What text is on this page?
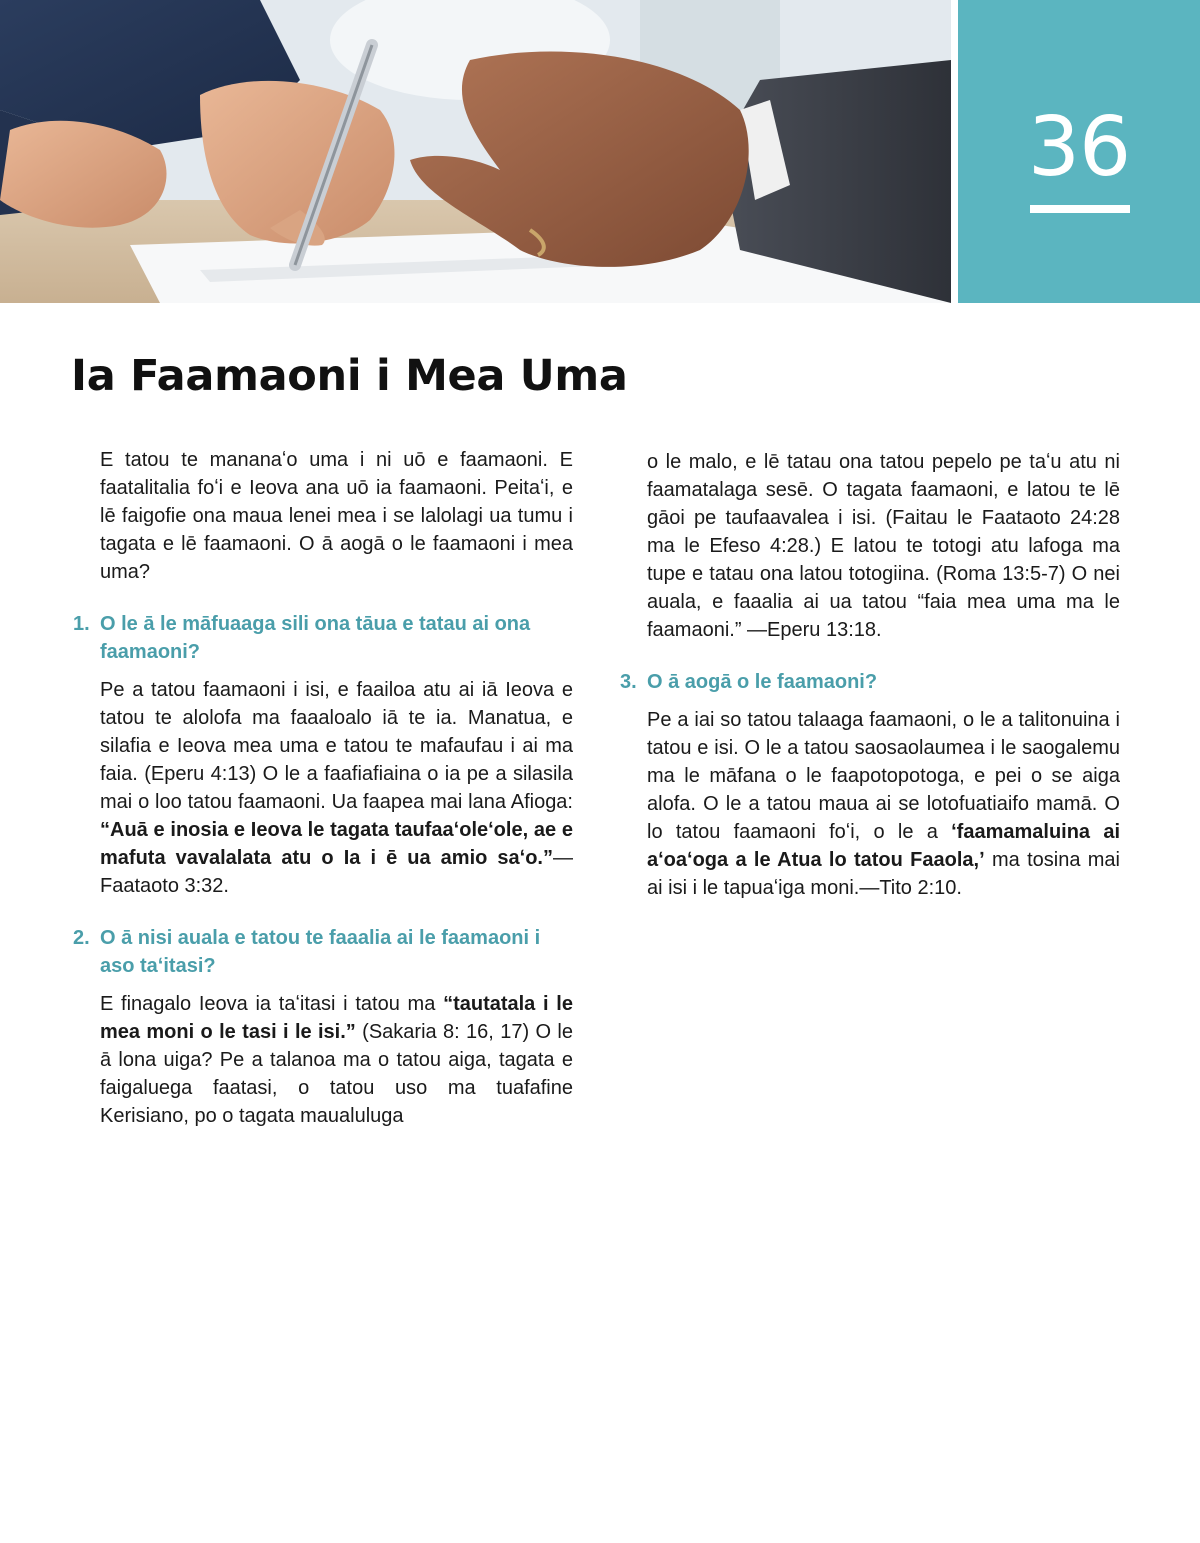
36
Ia Faamaoni i Mea Uma

E tatou te mananaʻo uma i ni uō e faamaoni. E faatalitalia foʻi e Ieova ana uō ia faamaoni. Peitaʻi, e lē faigofie ona maua lenei mea i se lalolagi ua tumu i tagata e lē faamaoni. O ā aogā o le faamaoni i mea uma?

1. O le ā le māfuaaga sili ona tāua e tatau ai ona faamaoni?

Pe a tatou faamaoni i isi, e faailoa atu ai iā Ieova e tatou te alolofa ma faaaloalo iā te ia. Manatua, e silafia e Ieova mea uma e tatou te mafaufau i ai ma faia. (Eperu 4:13) O le a faafiafiaina o ia pe a silasila mai o loo tatou faamaoni. Ua faapea mai lana Afioga: “Auā e inosia e Ieova le tagata taufaaʻoleʻole, ae e mafuta vavalalata atu o Ia i ē ua amio saʻo.”—Faataoto 3:32.

2. O ā nisi auala e tatou te faaalia ai le faamaoni i aso taʻitasi?

E finagalo Ieova ia taʻitasi i tatou ma “tautatala i le mea moni o le tasi i le isi.” (Sakaria 8: 16, 17) O le ā lona uiga? Pe a talanoa ma o tatou aiga, tagata e faigaluega faatasi, o tatou uso ma tuafafine Kerisiano, po o tagata maualuluga

o le malo, e lē tatau ona tatou pepelo pe taʻu atu ni faamatalaga sesē. O tagata faamaoni, e latou te lē gāoi pe taufaavalea i isi. (Faitau le Faataoto 24:28 ma le Efeso 4:28.) E latou te totogi atu lafoga ma tupe e tatau ona latou totogiina. (Roma 13:5-7) O nei auala, e faaalia ai ua tatou “faia mea uma ma le faamaoni.” —Eperu 13:18.

3. O ā aogā o le faamaoni?

Pe a iai so tatou talaaga faamaoni, o le a talitonuina i tatou e isi. O le a tatou saosaolaumea i le saogalemu ma le māfana o le faapotopotoga, e pei o se aiga alofa. O le a tatou maua ai se lotofuatiaifo mamā. O lo tatou faamaoni foʻi, o le a ʻfaamamaluina ai aʻoaʻoga a le Atua lo tatou Faaola,ʼ ma tosina mai ai isi i le tapuaʻiga moni.—Tito 2:10.
